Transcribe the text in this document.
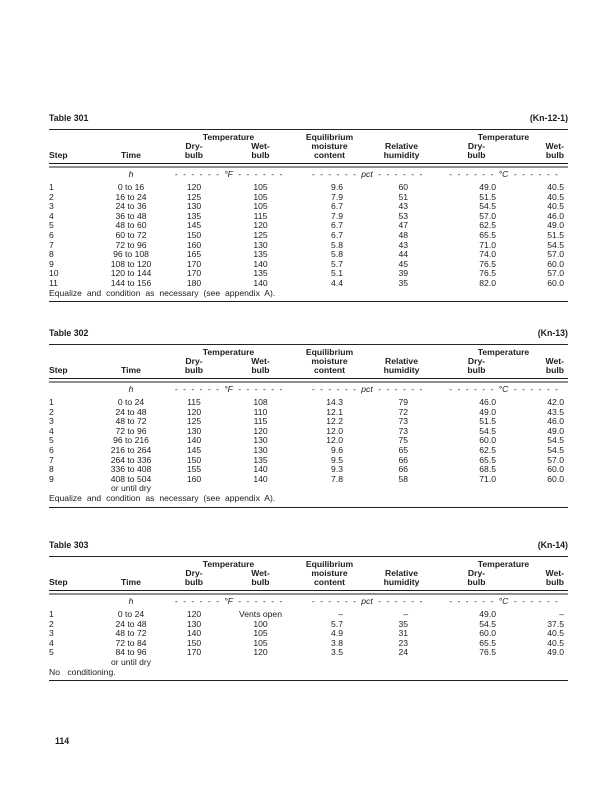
Table 301	(Kn-12-1)
Temperature	Equilibrium	Temperature
Dry-	Wet-	moisture	Relative	Dry-	Wet-
Step	Time	bulb	bulb	content	humidity	bulb	bulb
h	- - - - - - °F - - - - - -	- - - - - - pct - - - - - -	- - - - - - °C - - - - - -
1	0 to 16	120	105	9.6	60	49.0	40.5
2	16 to 24	125	105	7.9	51	51.5	40.5
3	24 to 36	130	105	6.7	43	54.5	40.5
4	36 to 48	135	115	7.9	53	57.0	46.0
5	48 to 60	145	120	6.7	47	62.5	49.0
6	60 to 72	150	125	6.7	48	65.5	51.5
7	72 to 96	160	130	5.8	43	71.0	54.5
8	96 to 108	165	135	5.8	44	74.0	57.0
9	108 to 120	170	140	5.7	45	76.5	60.0
10	120 to 144	170	135	5.1	39	76.5	57.0
11	144 to 156	180	140	4.4	35	82.0	60.0
Equalize and condition as necessary (see appendix A).
Table 302	(Kn-13)
Temperature	Equilibrium	Temperature
Dry-	Wet-	moisture	Relative	Dry-	Wet-
Step	Time	bulb	bulb	content	humidity	bulb	bulb
h	- - - - - - °F - - - - - -	- - - - - - pct - - - - - -	- - - - - - °C - - - - - -
1	0 to 24	115	108	14.3	79	46.0	42.0
2	24 to 48	120	110	12.1	72	49.0	43.5
3	48 to 72	125	115	12.2	73	51.5	46.0
4	72 to 96	130	120	12.0	73	54.5	49.0
5	96 to 216	140	130	12.0	75	60.0	54.5
6	216 to 264	145	130	9.6	65	62.5	54.5
7	264 to 336	150	135	9.5	66	65.5	57.0
8	336 to 408	155	140	9.3	66	68.5	60.0
9	408 to 504	160	140	7.8	58	71.0	60.0
or until dry
Equalize and condition as necessary (see appendix A).
Table 303	(Kn-14)
Temperature	Equilibrium	Temperature
Dry-	Wet-	moisture	Relative	Dry-	Wet-
Step	Time	bulb	bulb	content	humidity	bulb	bulb
h	- - - - - - °F - - - - - -	- - - - - - pct - - - - - -	- - - - - - °C - - - - - -
1	0 to 24	120	Vents open	–	–	49.0	–
2	24 to 48	130	100	5.7	35	54.5	37.5
3	48 to 72	140	105	4.9	31	60.0	40.5
4	72 to 84	150	105	3.8	23	65.5	40.5
5	84 to 96	170	120	3.5	24	76.5	49.0
or until dry
No conditioning.
114
